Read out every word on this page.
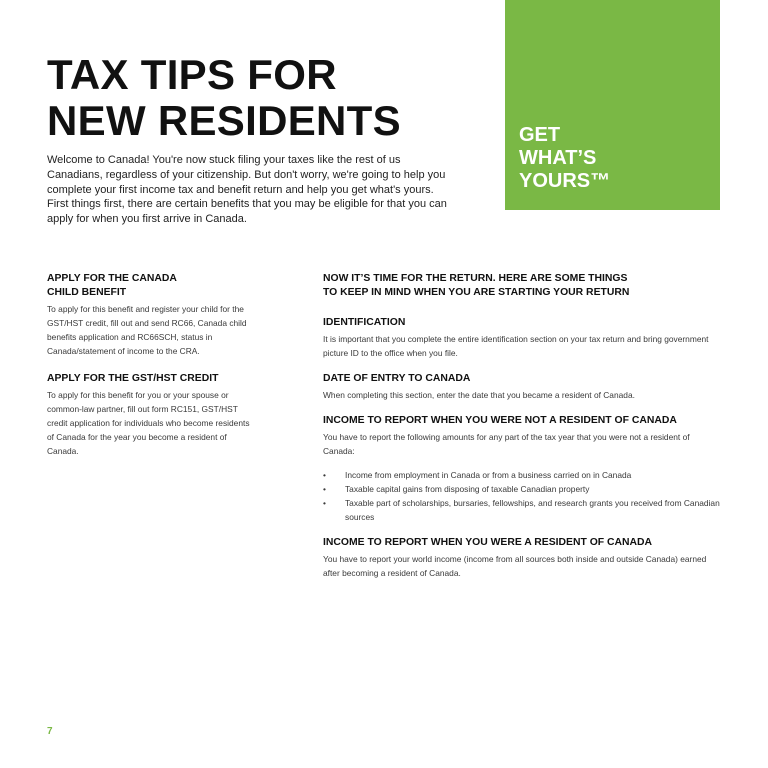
GET
WHAT’S
YOURS™

TAX TIPS FOR
NEW RESIDENTS

Welcome to Canada! You're now stuck filing your taxes like the rest of us Canadians, regardless of your citizenship. But don't worry, we're going to help you complete your first income tax and benefit return and help you get what's yours. First things first, there are certain benefits that you may be eligible for that you can apply for when you first arrive in Canada.

APPLY FOR THE CANADA
CHILD BENEFIT

To apply for this benefit and register your child for the GST/HST credit, fill out and send RC66, Canada child benefits application and RC66SCH, status in Canada/statement of income to the CRA.

APPLY FOR THE GST/HST CREDIT

To apply for this benefit for you or your spouse or common-law partner, fill out form RC151, GST/HST credit application for individuals who become residents of Canada for the year you become a resident of Canada.

NOW IT’S TIME FOR THE RETURN. HERE ARE SOME THINGS
TO KEEP IN MIND WHEN YOU ARE STARTING YOUR RETURN
IDENTIFICATION

It is important that you complete the entire identification section on your tax return and bring government picture ID to the office when you file.

DATE OF ENTRY TO CANADA

When completing this section, enter the date that you became a resident of Canada.

INCOME TO REPORT WHEN YOU WERE NOT A RESIDENT OF CANADA

You have to report the following amounts for any part of the tax year that you were not a resident of Canada:

• Income from employment in Canada or from a business carried on in Canada
• Taxable capital gains from disposing of taxable Canadian property
• Taxable part of scholarships, bursaries, fellowships, and research grants you received from Canadian sources
INCOME TO REPORT WHEN YOU WERE A RESIDENT OF CANADA

You have to report your world income (income from all sources both inside and outside Canada) earned after becoming a resident of Canada.

7
